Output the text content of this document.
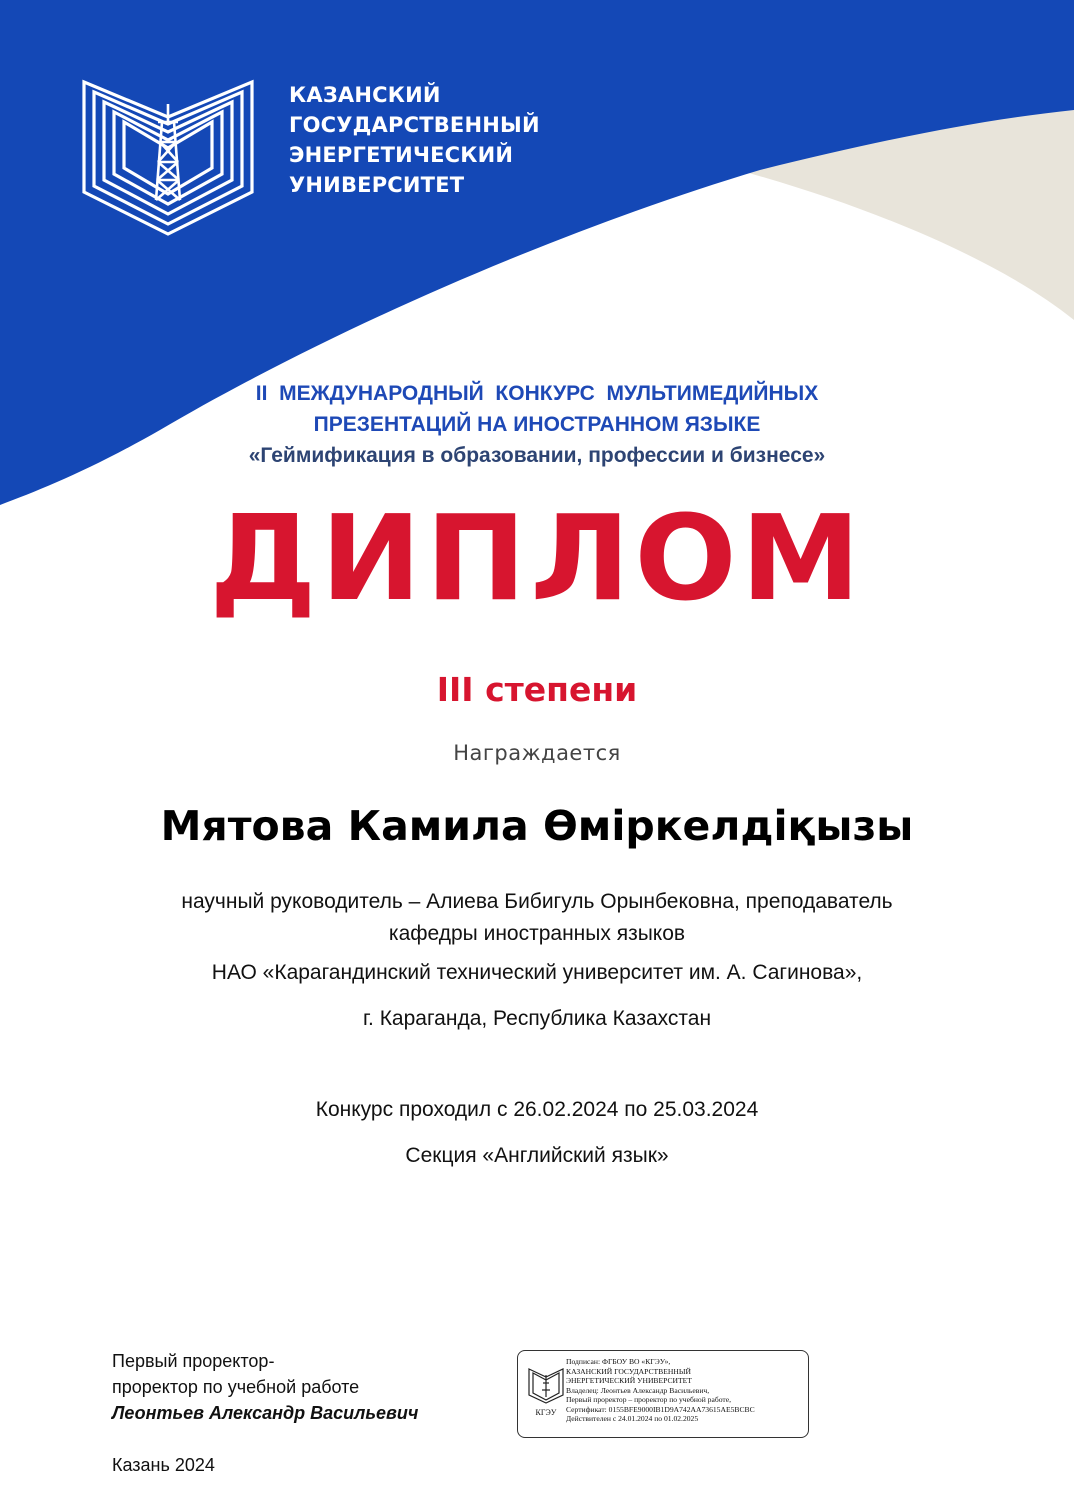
КАЗАНСКИЙ
ГОСУДАРСТВЕННЫЙ
ЭНЕРГЕТИЧЕСКИЙ
УНИВЕРСИТЕТ
II  МЕЖДУНАРОДНЫЙ  КОНКУРС  МУЛЬТИМЕДИЙНЫХ
ПРЕЗЕНТАЦИЙ НА ИНОСТРАННОМ ЯЗЫКЕ
«Геймификация в образовании, профессии и бизнесе»
ДИПЛОМ
III степени
Награждается
Мятова Камила Өміркелдіқызы
научный руководитель – Алиева Бибигуль Орынбековна, преподаватель
кафедры иностранных языков
НАО «Карагандинский технический университет им. А. Сагинова»,
г. Караганда, Республика Казахстан
Конкурс проходил с 26.02.2024 по 25.03.2024
Секция «Английский язык»
Первый проректор-
проректор по учебной работе
Леонтьев Александр Васильевич
Казань 2024
КГЭУ
Подписан: ФГБОУ ВО «КГЭУ»,
КАЗАНСКИЙ ГОСУДАРСТВЕННЫЙ
ЭНЕРГЕТИЧЕСКИЙ УНИВЕРСИТЕТ
Владелец: Леонтьев Александр Васильевич,
Первый проректор – проректор по учебной работе,
Сертификат: 0155BFE9000IB1D9A742AA73615AE5BCBC
Действителен с 24.01.2024 по 01.02.2025
